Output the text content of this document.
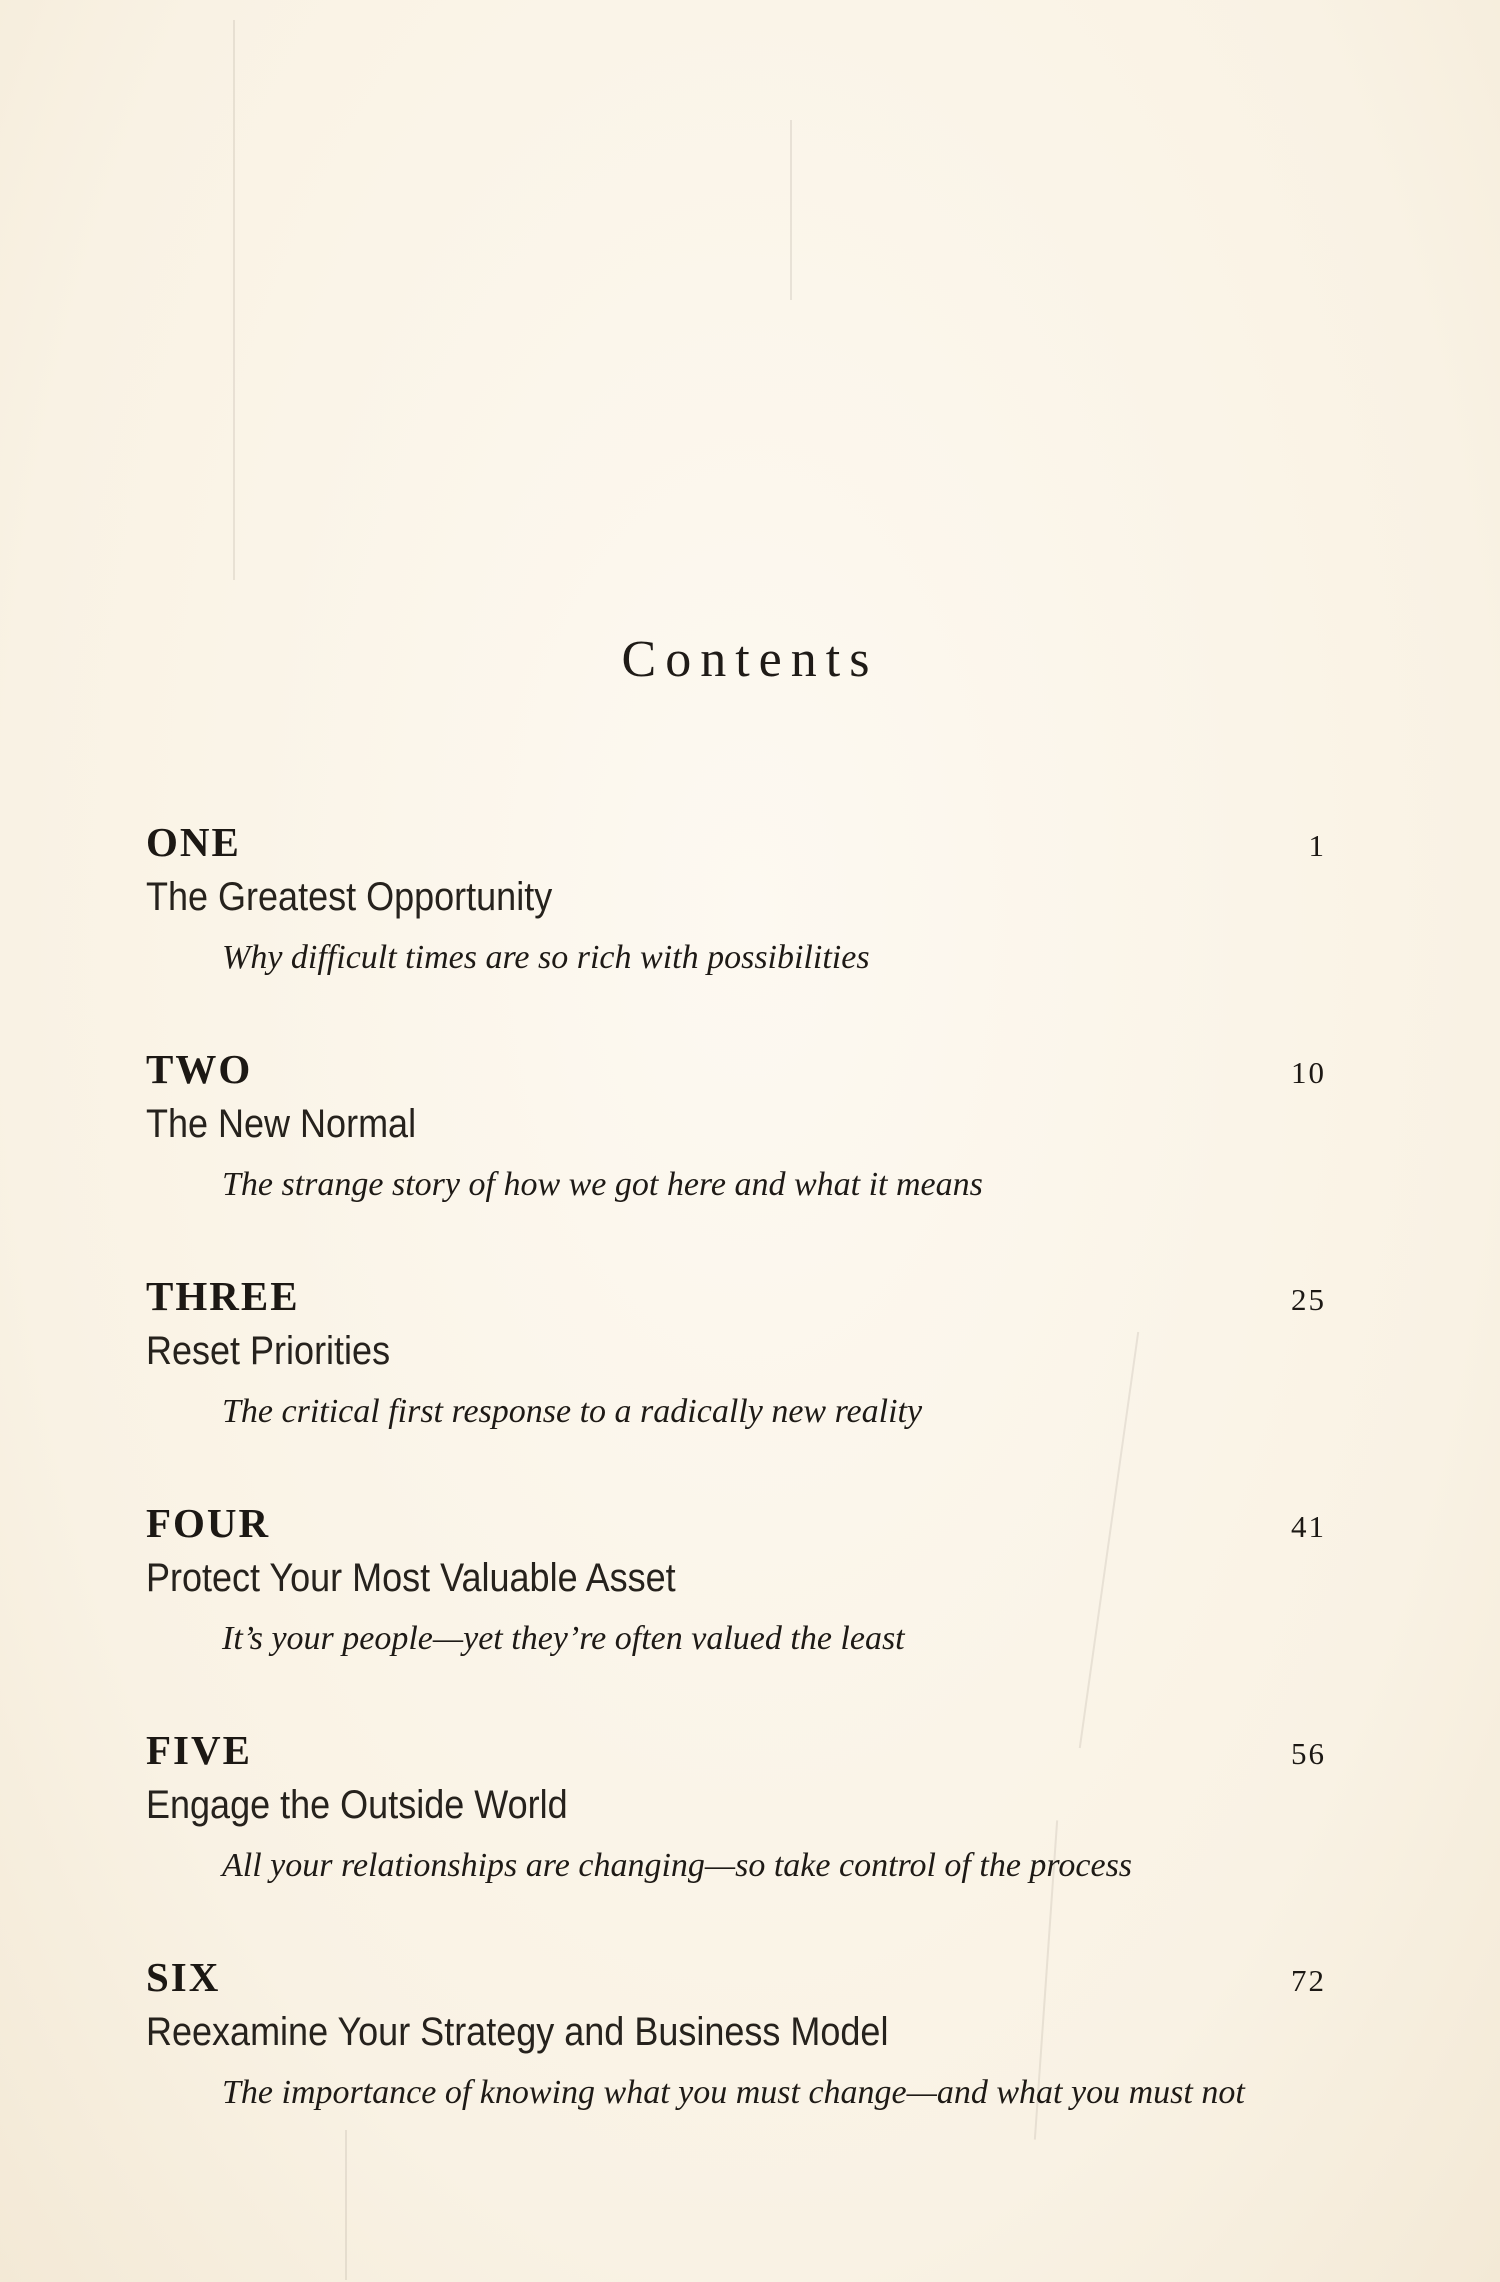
Contents
ONE	1
The Greatest Opportunity
Why difficult times are so rich with possibilities
TWO	10
The New Normal
The strange story of how we got here and what it means
THREE	25
Reset Priorities
The critical first response to a radically new reality
FOUR	41
Protect Your Most Valuable Asset
It’s your people—yet they’re often valued the least
FIVE	56
Engage the Outside World
All your relationships are changing—so take control of the process
SIX	72
Reexamine Your Strategy and Business Model
The importance of knowing what you must change—and what you must not
